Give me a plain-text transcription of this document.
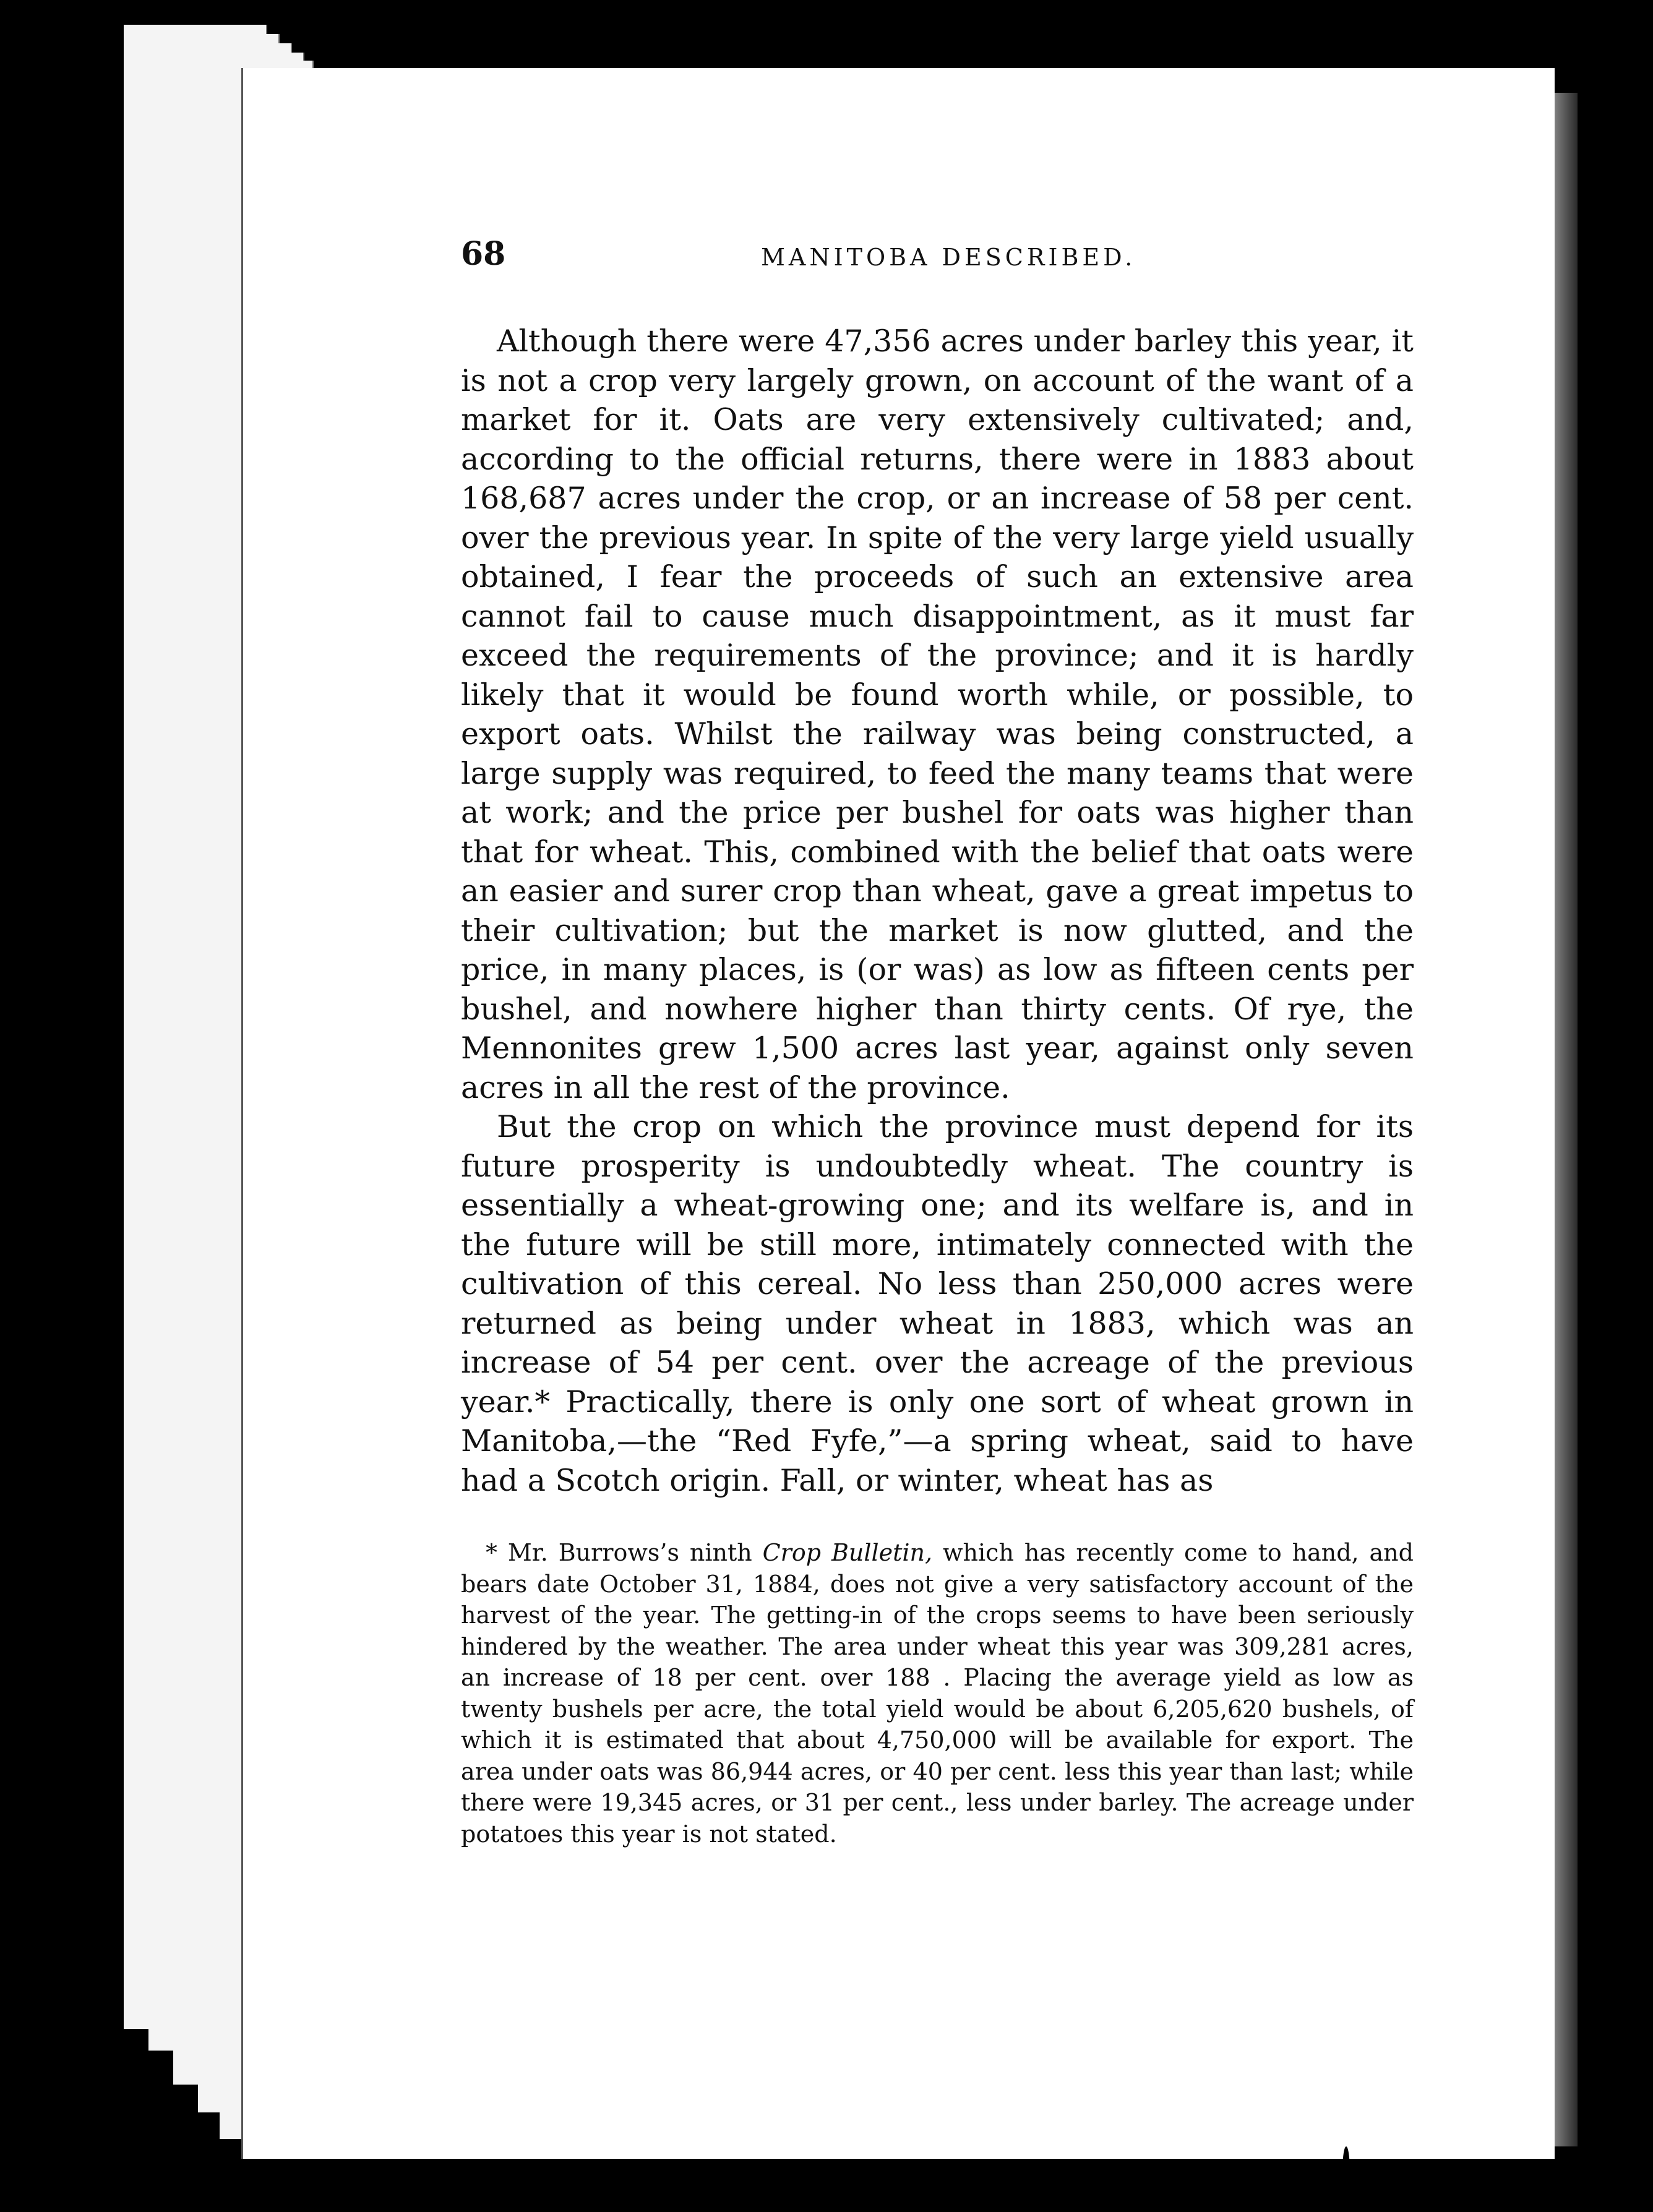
68	MANITOBA DESCRIBED.

Although there were 47,356 acres under barley this year, it is not a crop very largely grown, on account of the want of a market for it. Oats are very extensively cultivated; and, according to the official returns, there were in 1883 about 168,687 acres under the crop, or an increase of 58 per cent. over the previous year. In spite of the very large yield usually obtained, I fear the proceeds of such an extensive area cannot fail to cause much disappointment, as it must far exceed the requirements of the province; and it is hardly likely that it would be found worth while, or possible, to export oats. Whilst the railway was being constructed, a large supply was required, to feed the many teams that were at work; and the price per bushel for oats was higher than that for wheat. This, combined with the belief that oats were an easier and surer crop than wheat, gave a great impetus to their cultivation; but the market is now glutted, and the price, in many places, is (or was) as low as fifteen cents per bushel, and nowhere higher than thirty cents. Of rye, the Mennonites grew 1,500 acres last year, against only seven acres in all the rest of the province.

But the crop on which the province must depend for its future prosperity is undoubtedly wheat. The country is essentially a wheat-growing one; and its welfare is, and in the future will be still more, intimately connected with the cultivation of this cereal. No less than 250,000 acres were returned as being under wheat in 1883, which was an increase of 54 per cent. over the acreage of the previous year.* Practically, there is only one sort of wheat grown in Manitoba,—the “Red Fyfe,”—a spring wheat, said to have had a Scotch origin. Fall, or winter, wheat has as

* Mr. Burrows’s ninth Crop Bulletin, which has recently come to hand, and bears date October 31, 1884, does not give a very satisfactory account of the harvest of the year. The getting-in of the crops seems to have been seriously hindered by the weather. The area under wheat this year was 309,281 acres, an increase of 18 per cent. over 188 . Placing the average yield as low as twenty bushels per acre, the total yield would be about 6,205,620 bushels, of which it is estimated that about 4,750,000 will be available for export. The area under oats was 86,944 acres, or 40 per cent. less this year than last; while there were 19,345 acres, or 31 per cent., less under barley. The acreage under potatoes this year is not stated.
